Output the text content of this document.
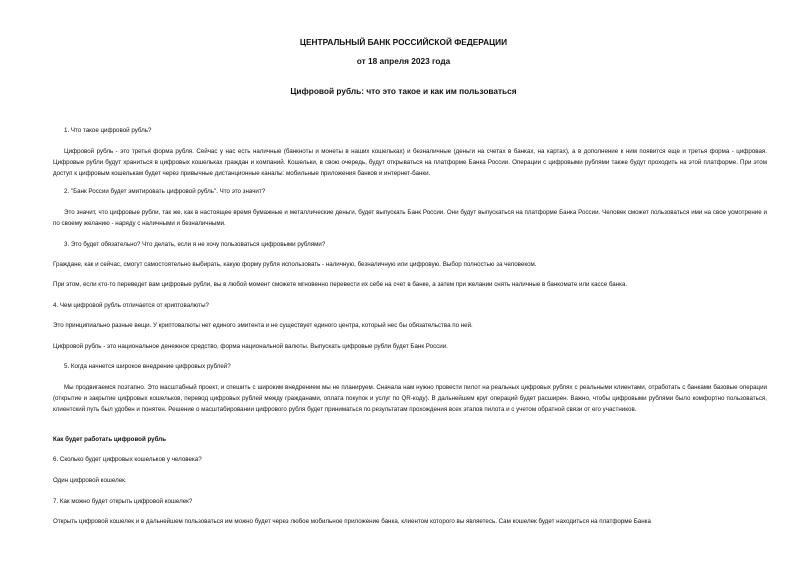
ЦЕНТРАЛЬНЫЙ БАНК РОССИЙСКОЙ ФЕДЕРАЦИИ
от 18 апреля 2023 года
Цифровой рубль: что это такое и как им пользоваться

1. Что такое цифровой рубль?

Цифровой рубль - это третья форма рубля. Сейчас у нас есть наличные (банкноты и монеты в наших кошельках) и безналичные (деньги на счетах в банках, на картах), а в дополнение к ним появится еще и третья форма - цифровая. Цифровые рубли будут храниться в цифровых кошельках граждан и компаний. Кошельки, в свою очередь, будут открываться на платформе Банка России. Операции с цифровыми рублями также будут проходить на этой платформе. При этом доступ к цифровым кошелькам будет через привычные дистанционные каналы: мобильные приложения банков и интернет-банки.

2. "Банк России будет эмитировать цифровой рубль". Что это значит?

Это значит, что цифровые рубли, так же, как в настоящее время бумажные и металлические деньги, будет выпускать Банк России. Они будут выпускаться на платформе Банка России. Человек сможет пользоваться ими на свое усмотрение и по своему желанию - наряду с наличными и безналичными.

3. Это будет обязательно? Что делать, если я не хочу пользоваться цифровыми рублями?

Граждане, как и сейчас, смогут самостоятельно выбирать, какую форму рубля использовать - наличную, безналичную или цифровую. Выбор полностью за человеком.

При этом, если кто-то переведет вам цифровые рубли, вы в любой момент сможете мгновенно перевести их себе на счет в банке, а затем при желании снять наличные в банкомате или кассе банка.

4. Чем цифровой рубль отличается от криптовалюты?

Это принципиально разные вещи. У криптовалюты нет единого эмитента и не существует единого центра, который нес бы обязательства по ней.

Цифровой рубль - это национальное денежное средство, форма национальной валюты. Выпускать цифровые рубли будет Банк России.

5. Когда начнется широкое внедрение цифровых рублей?

Мы продвигаемся поэтапно. Это масштабный проект, и спешить с широким внедрением мы не планируем. Сначала нам нужно провести пилот на реальных цифровых рублях с реальными клиентами, отработать с банками базовые операции (открытие и закрытие цифровых кошельков, перевод цифровых рублей между гражданами, оплата покупок и услуг по QR-коду). В дальнейшем круг операций будет расширен. Важно, чтобы цифровыми рублями было комфортно пользоваться, клиентский путь был удобен и понятен. Решение о масштабировании цифрового рубля будет приниматься по результатам прохождения всех этапов пилота и с учетом обратной связи от его участников.

Как будет работать цифровой рубль

6. Сколько будет цифровых кошельков у человека?

Один цифровой кошелек.

7. Как можно будет открыть цифровой кошелек?

Открыть цифровой кошелек и в дальнейшем пользоваться им можно будет через любое мобильное приложение банка, клиентом которого вы являетесь. Сам кошелек будет находиться на платформе Банка
